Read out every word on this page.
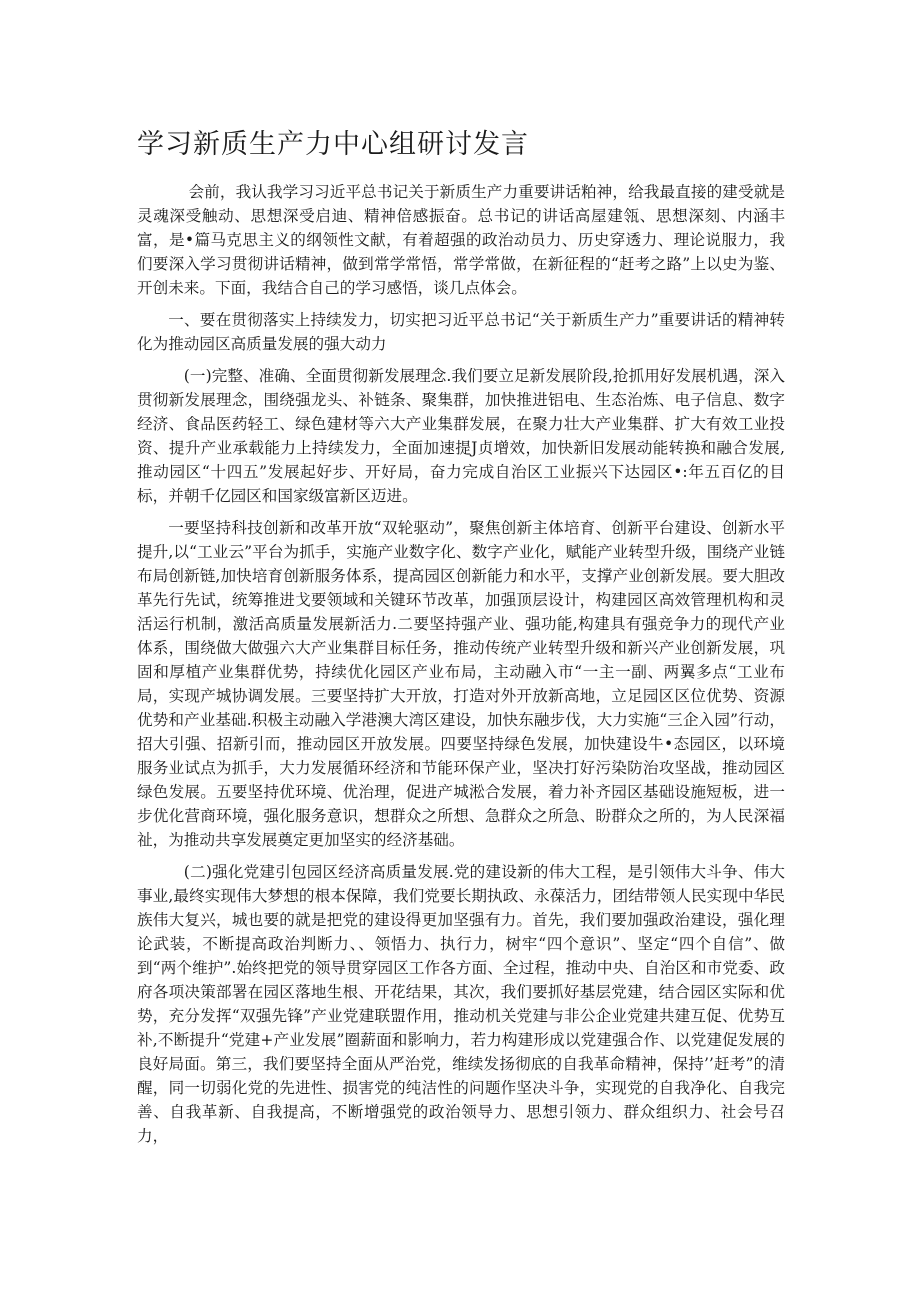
学习新质生产力中心组研讨发言

会前，我认我学习习近平总书记关于新质生产力重要讲话粕神，给我最直接的建受就是灵魂深受触动、思想深受启迪、精神倍感振奋。总书记的讲话高屋建瓴、思想深刻、内涵丰富，是•篇马克思主义的纲领性文献，有着超强的政治动员力、历史穿透力、理论说服力，我们要深入学习贯彻讲话精神，做到常学常悟，常学常做，在新征程的“赶考之路”上以史为鉴、开创未来。下面，我结合自己的学习感悟，谈几点体会。

一、要在贯彻落实上持续发力，切实把习近平总书记“关于新质生产力”重要讲话的精神转化为推动园区高质量发展的强大动力

(一)完整、准确、全面贯彻新发展理念.我们要立足新发展阶段,抢抓用好发展机遇，深入贯彻新发展理念，围绕强龙头、补链条、聚集群，加快推进铝电、生态治炼、电子信息、数字经济、食品医药轻工、绿色建材等六大产业集群发展，在聚力壮大产业集群、扩大有效工业投资、提升产业承载能力上持续发力，全面加速提J贞增效，加快新旧发展动能转换和融合发展,推动园区“十四五”发展起好步、开好局，奋力完成自治区工业振兴下达园区•:年五百亿的目标，并朝千亿园区和国家级富新区迈进。

一要坚持科技创新和改革开放“双轮驱动”，聚焦创新主体培育、创新平台建设、创新水平提升,以“工业云”平台为抓手，实施产业数字化、数字产业化，赋能产业转型升级，围绕产业链布局创新链,加快培育创新服务体系，提高园区创新能力和水平，支撑产业创新发展。要大胆改革先行先试，统筹推进戈要领域和关键环节改革，加强顶层设计，构建园区高效管理机构和灵活运行机制，激活高质量发展新活力.二要坚持强产业、强功能,构建具有强竞争力的现代产业体系，围绕做大做强六大产业集群目标任务，推动传统产业转型升级和新兴产业创新发展，巩固和厚植产业集群优势，持续优化园区产业布局，主动融入市“一主一副、两翼多点“工业布局，实现产城协调发展。三要坚持扩大开放，打造对外开放新高地，立足园区区位优势、资源优势和产业基础.积极主动融入学港澳大湾区建设，加快东融步伐，大力实施“三企入园”行动，招大引强、招新引而，推动园区开放发展。四要坚持绿色发展，加快建设牛•态园区，以环境服务业试点为抓手，大力发展循环经济和节能环保产业，坚决打好污染防治攻坚战，推动园区绿色发展。五要坚持优环境、优治理，促进产城淞合发展，着力补齐园区基础设施短板，进一步优化营商环境，强化服务意识，想群众之所想、急群众之所急、盼群众之所的，为人民深福祉，为推动共享发展奠定更加坚实的经济基础。

(二)强化党建引包园区经济高质量发展.党的建设新的伟大工程，是引领伟大斗争、伟大事业,最终实现伟大梦想的根本保障，我们党要长期执政、永葆活力，团结带领人民实现中华民族伟大复兴，城也要的就是把党的建设得更加坚强有力。首先，我们要加强政治建设，强化理论武装，不断提高政治判断力、、领悟力、执行力，树牢“四个意识”、坚定“四个自信”、做到“两个维护”.始终把党的领导贯穿园区工作各方面、全过程，推动中央、自治区和市党委、政府各项决策部署在园区落地生根、开花结果，其次，我们要抓好基层党建，结合园区实际和优势，充分发挥“双强先锋”产业党建联盟作用，推动机关党建与非公企业党建共建互促、优势互补,不断提升“党建+产业发展”圈薪面和影响力，若力构建形成以党建强合作、以党建促发展的良好局面。第三，我们要坚持全面从严治党，维续发扬彻底的自我革命精神，保持’’赶考”的清醒，同一切弱化党的先进性、损害党的纯洁性的问题作坚决斗争，实现党的自我净化、自我完善、自我革新、自我提高，不断增强党的政治领导力、思想引领力、群众组织力、社会号召力，
